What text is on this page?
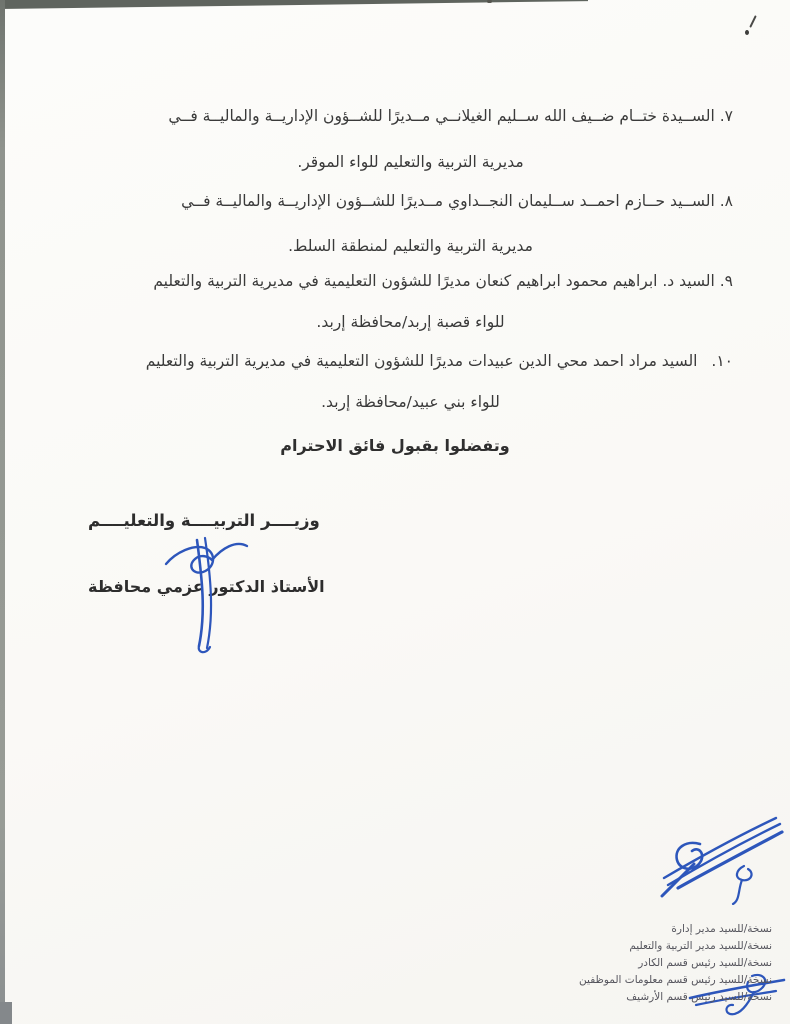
٧. الســيدة ختــام ضــيف الله ســليم الغيلانــي مــديرًا للشــؤون الإداريــة والماليــة فــي
مديرية التربية والتعليم للواء الموقر.
٨. الســيد حــازم احمــد ســليمان النجــداوي مــديرًا للشــؤون الإداريــة والماليــة فــي
مديرية التربية والتعليم لمنطقة السلط.
٩. السيد د. ابراهيم محمود ابراهيم كنعان مديرًا للشؤون التعليمية في مديرية التربية والتعليم
للواء قصبة إربد/محافظة إربد.
١٠. السيد مراد احمد محي الدين عبيدات مديرًا للشؤون التعليمية في مديرية التربية والتعليم
للواء بني عبيد/محافظة إربد.
وتفضلوا بقبول فائق الاحترام
وزيــــر التربيــــة والتعليــــم
الأستاذ الدكتور عزمي محافظة
نسخة/للسيد مدير إدارة
نسخة/للسيد مدير التربية والتعليم
نسخة/للسيد رئيس قسم الكادر
نسخة/للسيد رئيس قسم معلومات الموظفين
نسخة/للسيد رئيس قسم الأرشيف
